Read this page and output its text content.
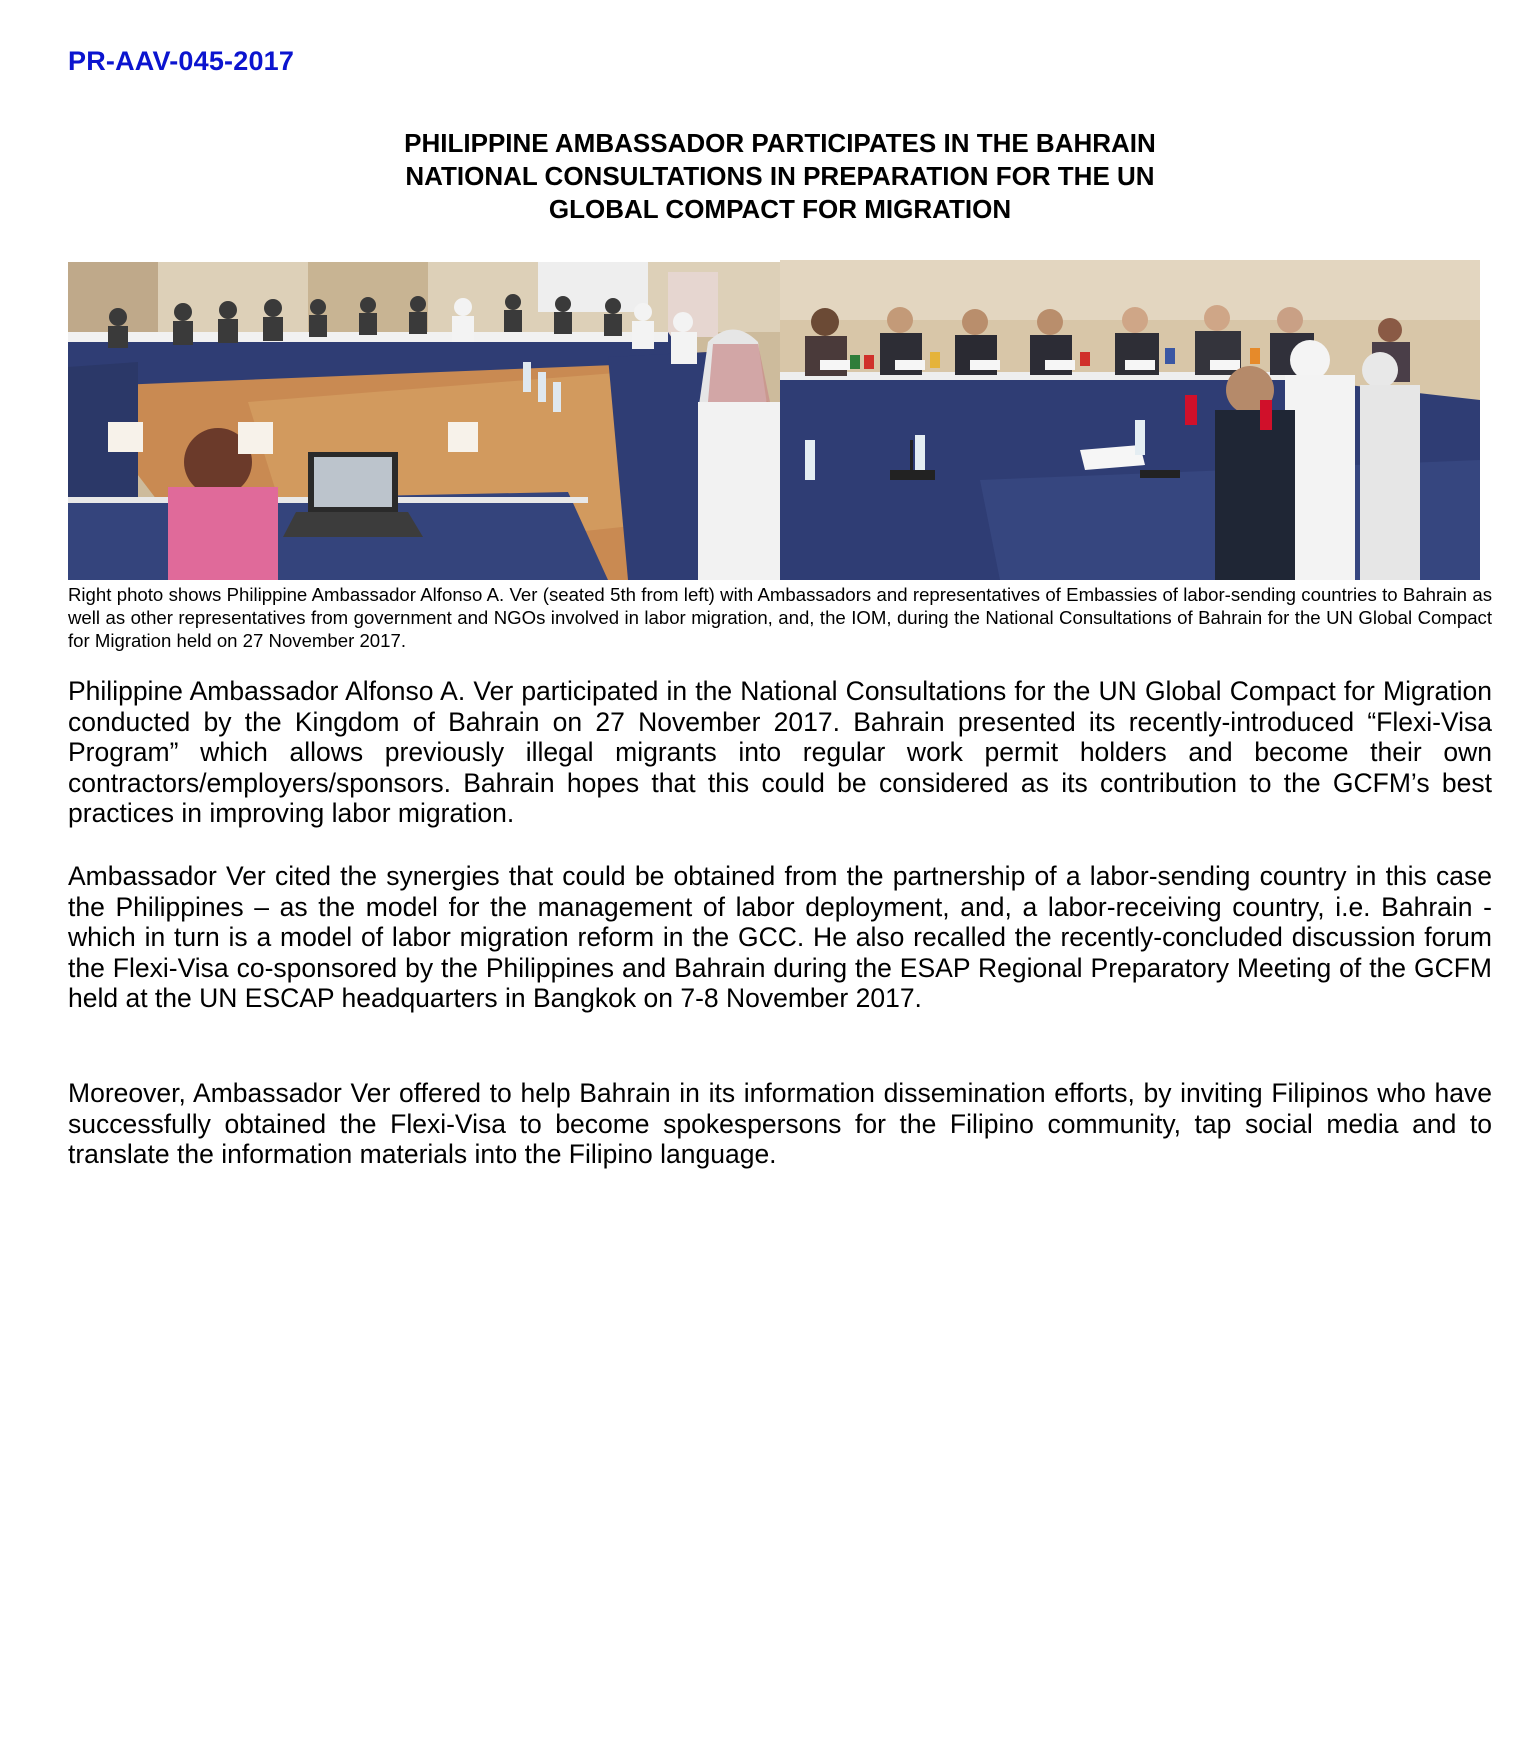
PR-AAV-045-2017
PHILIPPINE AMBASSADOR PARTICIPATES IN THE BAHRAIN
NATIONAL CONSULTATIONS IN PREPARATION FOR THE UN
GLOBAL COMPACT FOR MIGRATION

Right photo shows Philippine Ambassador Alfonso A. Ver (seated 5th from left) with Ambassadors and representatives of Embassies of labor-sending countries to Bahrain as well as other representatives from government and NGOs involved in labor migration, and, the IOM, during the National Consultations of Bahrain for the UN Global Compact for Migration held on 27 November 2017.

Philippine Ambassador Alfonso A. Ver participated in the National Consultations for the UN Global Compact for Migration conducted by the Kingdom of Bahrain on 27 November 2017. Bahrain presented its recently-introduced “Flexi-Visa Program” which allows previously illegal migrants into regular work permit holders and become their own contractors/employers/sponsors. Bahrain hopes that this could be considered as its contribution to the GCFM’s best practices in improving labor migration.

Ambassador Ver cited the synergies that could be obtained from the partnership of a labor-sending country in this case the Philippines – as the model for the management of labor deployment, and, a labor-receiving country, i.e. Bahrain -which in turn is a model of labor migration reform in the GCC. He also recalled the recently-concluded discussion forum the Flexi-Visa co-sponsored by the Philippines and Bahrain during the ESAP Regional Preparatory Meeting of the GCFM held at the UN ESCAP headquarters in Bangkok on 7-8 November 2017.

Moreover, Ambassador Ver offered to help Bahrain in its information dissemination efforts, by inviting Filipinos who have successfully obtained the Flexi-Visa to become spokespersons for the Filipino community, tap social media and to translate the information materials into the Filipino language.
